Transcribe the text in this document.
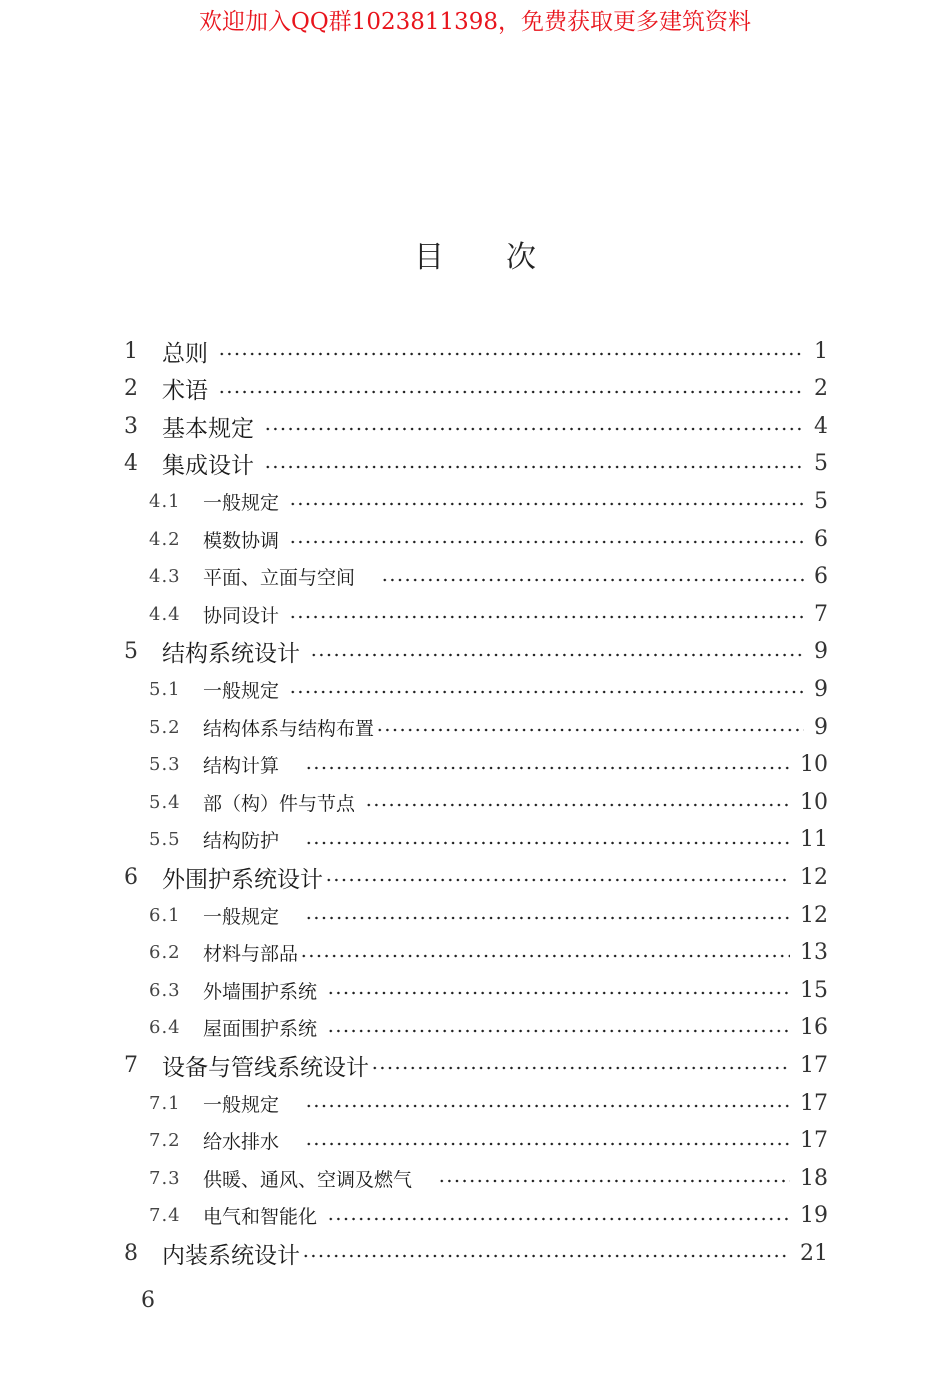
欢迎加入QQ群1023811398，免费获取更多建筑资料
目 次
1	总则	1
2	术语	2
3	基本规定	4
4	集成设计	5
4.1	一般规定	5
4.2	模数协调	6
4.3	平面、立面与空间	6
4.4	协同设计	7
5	结构系统设计	9
5.1	一般规定	9
5.2	结构体系与结构布置	9
5.3	结构计算	10
5.4	部（构）件与节点	10
5.5	结构防护	11
6	外围护系统设计	12
6.1	一般规定	12
6.2	材料与部品	13
6.3	外墙围护系统	15
6.4	屋面围护系统	16
7	设备与管线系统设计	17
7.1	一般规定	17
7.2	给水排水	17
7.3	供暖、通风、空调及燃气	18
7.4	电气和智能化	19
8	内装系统设计	21
6
